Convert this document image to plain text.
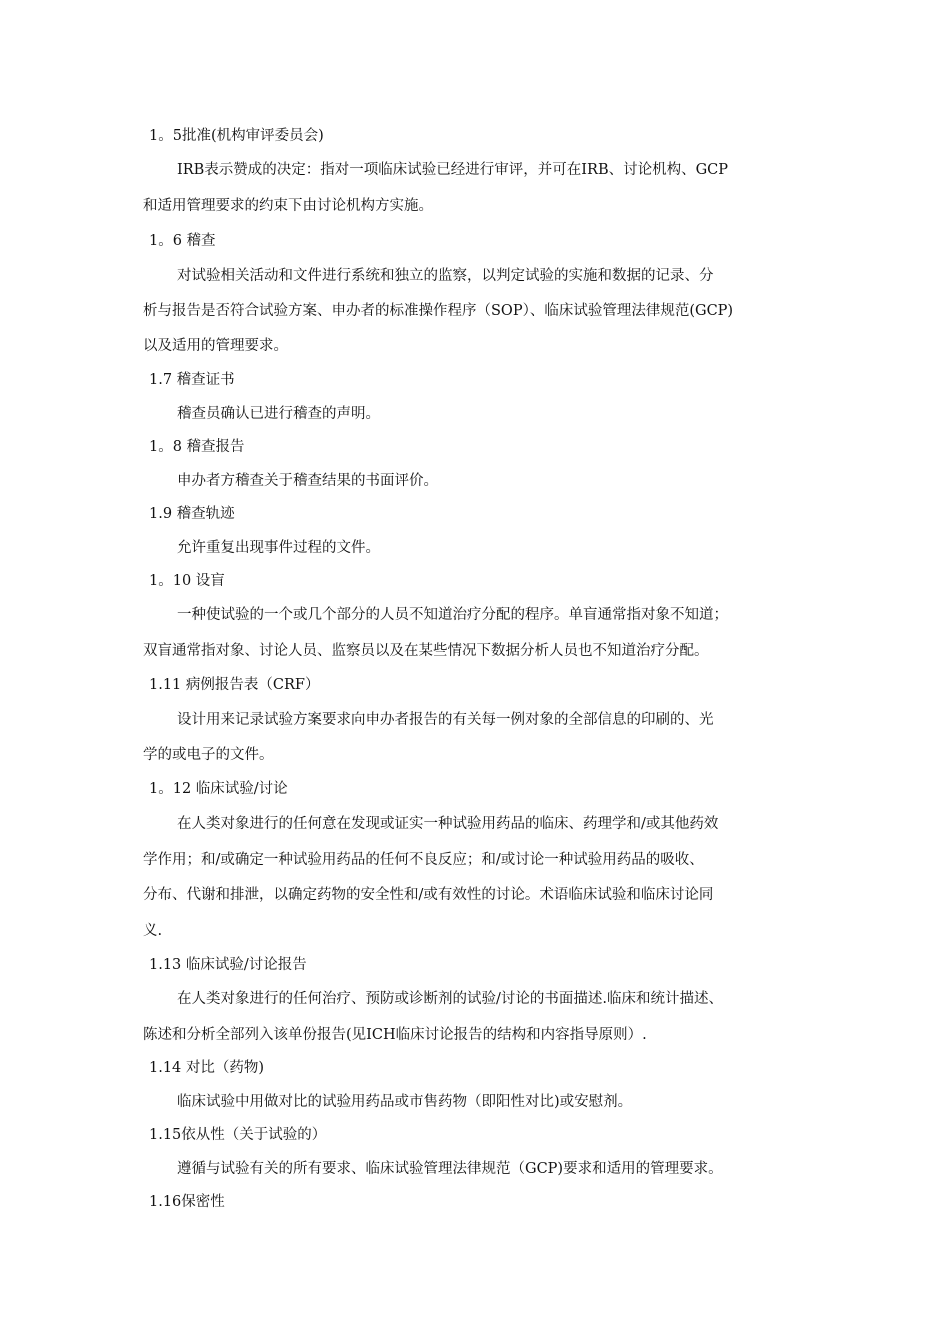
1。5批准(机构审评委员会)

IRB表示赞成的决定：指对一项临床试验已经进行审评，并可在IRB、讨论机构、GCP

和适用管理要求的约束下由讨论机构方实施。

1。6 稽查

对试验相关活动和文件进行系统和独立的监察，以判定试验的实施和数据的记录、分

析与报告是否符合试验方案、申办者的标准操作程序（SOP）、临床试验管理法律规范(GCP)

以及适用的管理要求。

1.7 稽查证书

稽查员确认已进行稽查的声明。

1。8 稽查报告

申办者方稽查关于稽查结果的书面评价。

1.9 稽查轨迹

允许重复出现事件过程的文件。

1。10 设盲

一种使试验的一个或几个部分的人员不知道治疗分配的程序。单盲通常指对象不知道；

双盲通常指对象、讨论人员、监察员以及在某些情况下数据分析人员也不知道治疗分配。

1.11 病例报告表（CRF）

设计用来记录试验方案要求向申办者报告的有关每一例对象的全部信息的印刷的、光

学的或电子的文件。

1。12 临床试验/讨论

在人类对象进行的任何意在发现或证实一种试验用药品的临床、药理学和/或其他药效

学作用；和/或确定一种试验用药品的任何不良反应；和/或讨论一种试验用药品的吸收、

分布、代谢和排泄，以确定药物的安全性和/或有效性的讨论。术语临床试验和临床讨论同

义.

1.13 临床试验/讨论报告

在人类对象进行的任何治疗、预防或诊断剂的试验/讨论的书面描述.临床和统计描述、

陈述和分析全部列入该单份报告(见ICH临床讨论报告的结构和内容指导原则）.

1.14 对比（药物)

临床试验中用做对比的试验用药品或市售药物（即阳性对比)或安慰剂。

1.15依从性（关于试验的）

遵循与试验有关的所有要求、临床试验管理法律规范（GCP)要求和适用的管理要求。

1.16保密性
